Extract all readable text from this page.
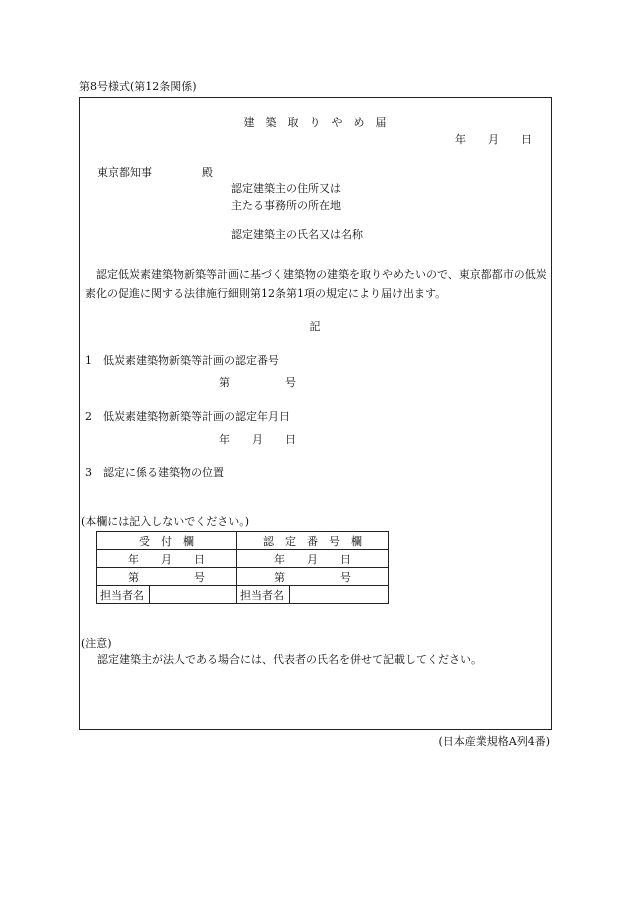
第8号様式(第12条関係)
建　築　取　り　や　め　届
年　　月　　日
東京都知事	殿
認定建築主の住所又は
主たる事務所の所在地
認定建築主の氏名又は名称
　認定低炭素建築物新築等計画に基づく建築物の建築を取りやめたいので、東京都都市の低炭素化の促進に関する法律施行細則第12条第1項の規定により届け出ます。
記
1　低炭素建築物新築等計画の認定番号
第　　　　　号
2　低炭素建築物新築等計画の認定年月日
年　　月　　日
3　認定に係る建築物の位置
(本欄には記入しないでください。)
受　付　欄		認　定　番　号　欄	
年　　月　　日		年　　月　　日	
第　　　　　号		第　　　　　号	
担当者名		担当者名	
(注意)
認定建築主が法人である場合には、代表者の氏名を併せて記載してください。
(日本産業規格A列4番)
